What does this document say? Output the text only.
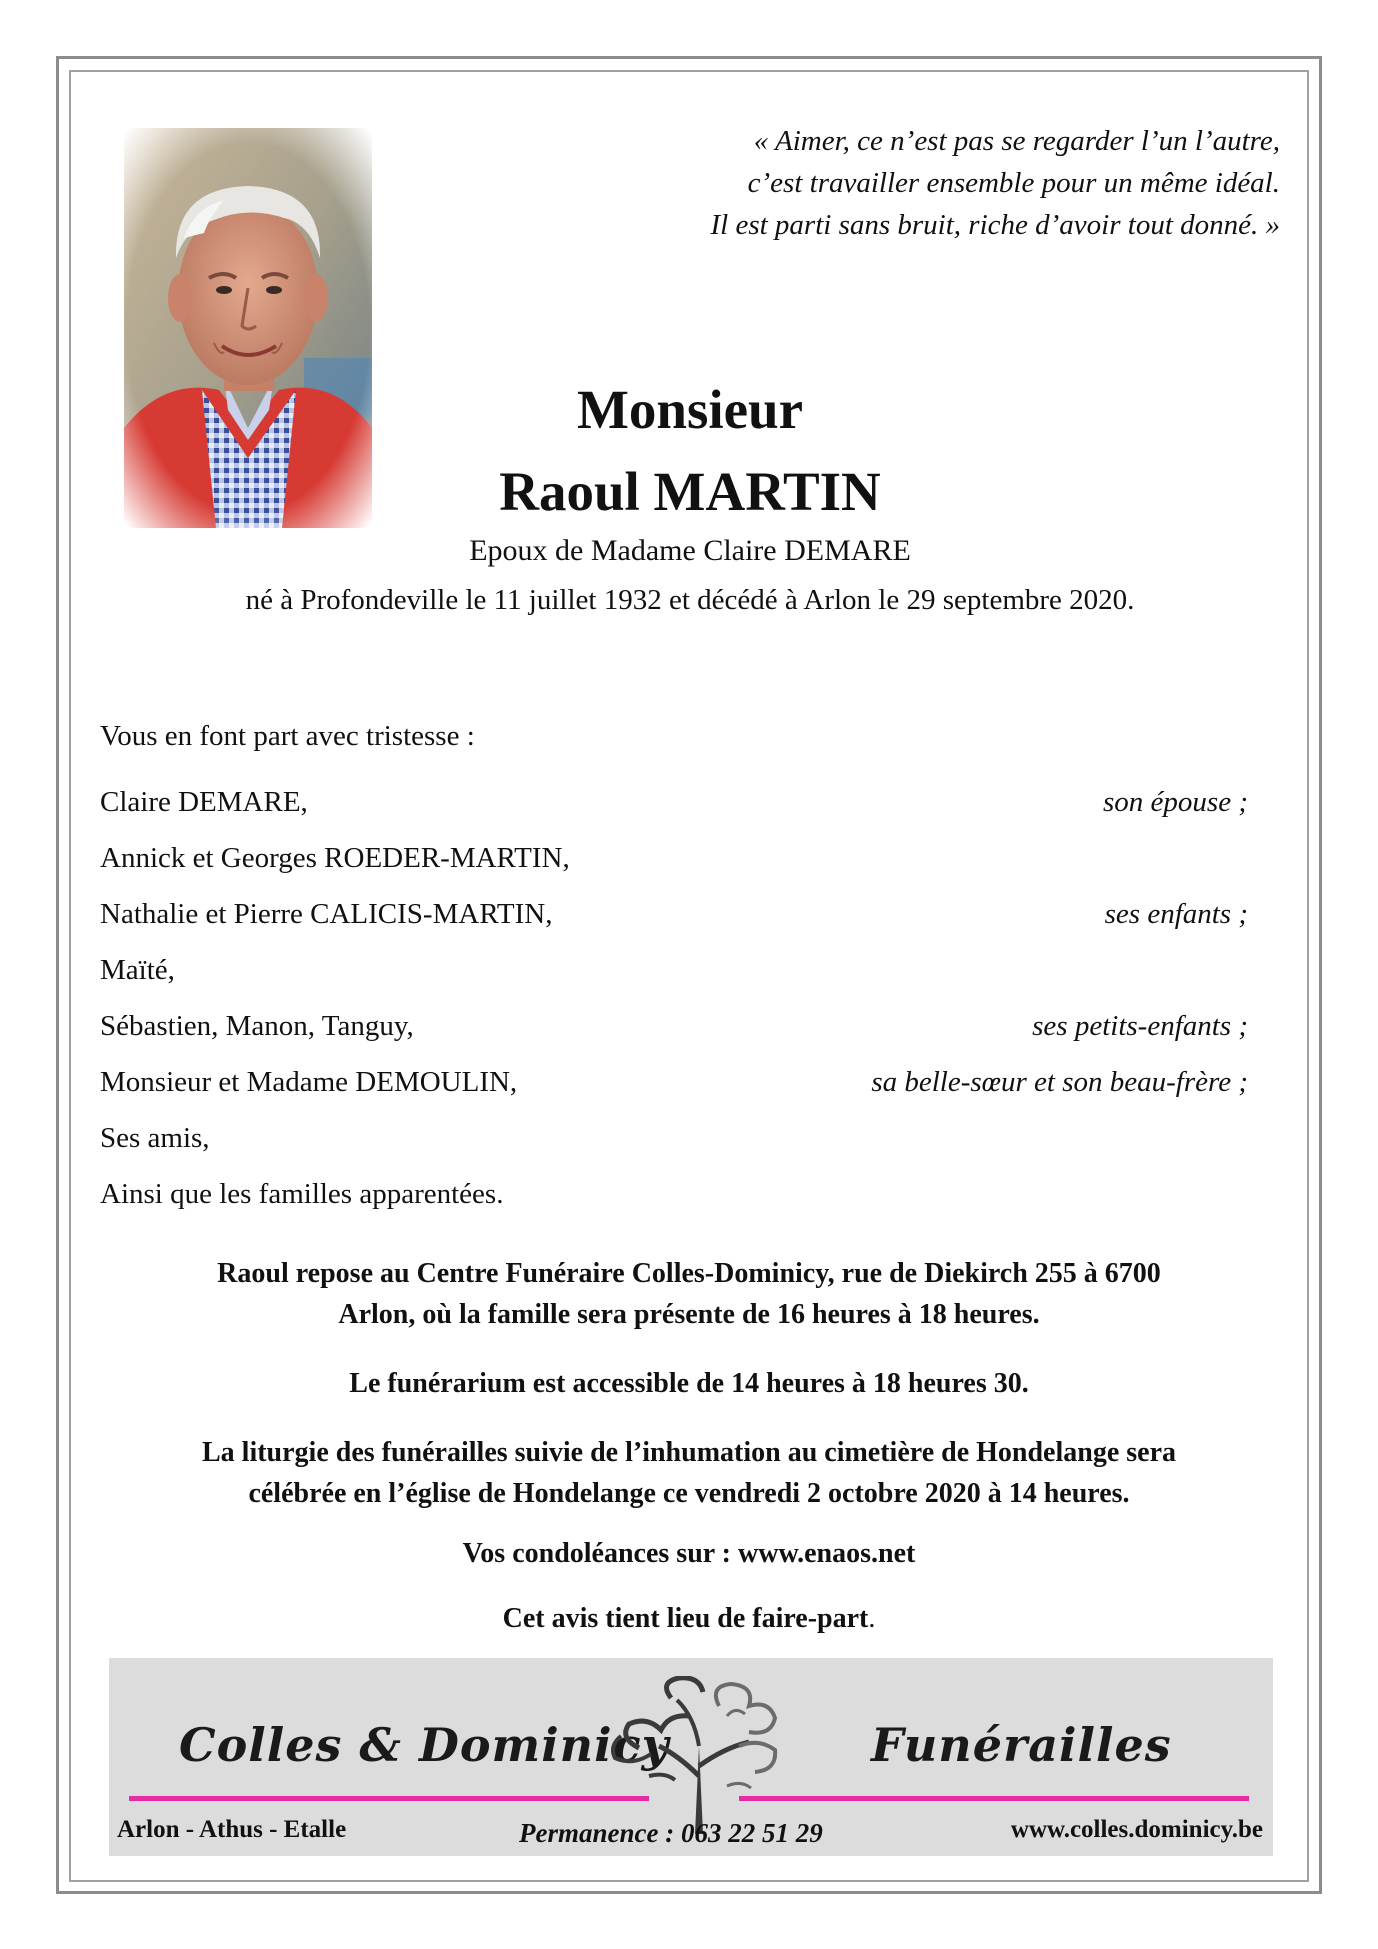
« Aimer, ce n’est pas se regarder l’un l’autre,
c’est travailler ensemble pour un même idéal.
Il est parti sans bruit, riche d’avoir tout donné. »
Monsieur
Raoul MARTIN
Epoux de Madame Claire DEMARE
né à Profondeville le 11 juillet 1932 et décédé à Arlon le 29 septembre 2020.
Vous en font part avec tristesse :
Claire DEMARE,	son épouse ;
Annick et Georges ROEDER-MARTIN,
Nathalie et Pierre CALICIS-MARTIN,	ses enfants ;
Maïté,
Sébastien, Manon, Tanguy,	ses petits-enfants ;
Monsieur et Madame DEMOULIN,	sa belle-sœur et son beau-frère ;
Ses amis,
Ainsi que les familles apparentées.
Raoul repose au Centre Funéraire Colles-Dominicy, rue de Diekirch 255 à 6700
Arlon, où la famille sera présente de 16 heures à 18 heures.
Le funérarium est accessible de 14 heures à 18 heures 30.
La liturgie des funérailles suivie de l’inhumation au cimetière de Hondelange sera
célébrée en l’église de Hondelange ce vendredi 2 octobre 2020 à 14 heures.
Vos condoléances sur : www.enaos.net
Cet avis tient lieu de faire-part.
Colles & Dominicy	Funérailles
Arlon - Athus - Etalle	Permanence : 063 22 51 29	www.colles.dominicy.be
